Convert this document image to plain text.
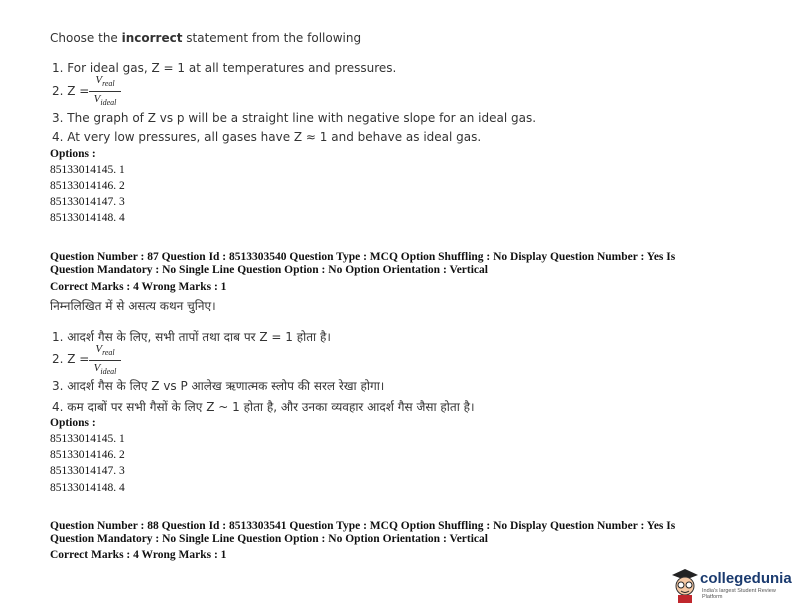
Choose the incorrect statement from the following
1. For ideal gas, Z = 1 at all temperatures and pressures.
2. Z =
$V_{real}$
$V_{ideal}$
3. The graph of Z vs p will be a straight line with negative slope for an ideal gas.
4. At very low pressures, all gases have Z ≈ 1 and behave as ideal gas.
Options :
85133014145. 1
85133014146. 2
85133014147. 3
85133014148. 4
Question Number : 87 Question Id : 8513303540 Question Type : MCQ Option Shuffling : No Display Question Number : Yes Is
Question Mandatory : No Single Line Question Option : No Option Orientation : Vertical
Correct Marks : 4 Wrong Marks : 1
निम्नलिखित में से असत्य कथन चुनिए।
1. आदर्श गैस के लिए, सभी तापों तथा दाब पर Z = 1 होता है।
2. Z =
$V_{real}$
$V_{ideal}$
3. आदर्श गैस के लिए Z vs P आलेख ऋणात्मक स्लोप की सरल रेखा होगा।
4. कम दाबों पर सभी गैसों के लिए Z ~ 1 होता है, और उनका व्यवहार आदर्श गैस जैसा होता है।
Options :
85133014145. 1
85133014146. 2
85133014147. 3
85133014148. 4
Question Number : 88 Question Id : 8513303541 Question Type : MCQ Option Shuffling : No Display Question Number : Yes Is
Question Mandatory : No Single Line Question Option : No Option Orientation : Vertical
Correct Marks : 4 Wrong Marks : 1
collegedunia
India's largest Student Review Platform
